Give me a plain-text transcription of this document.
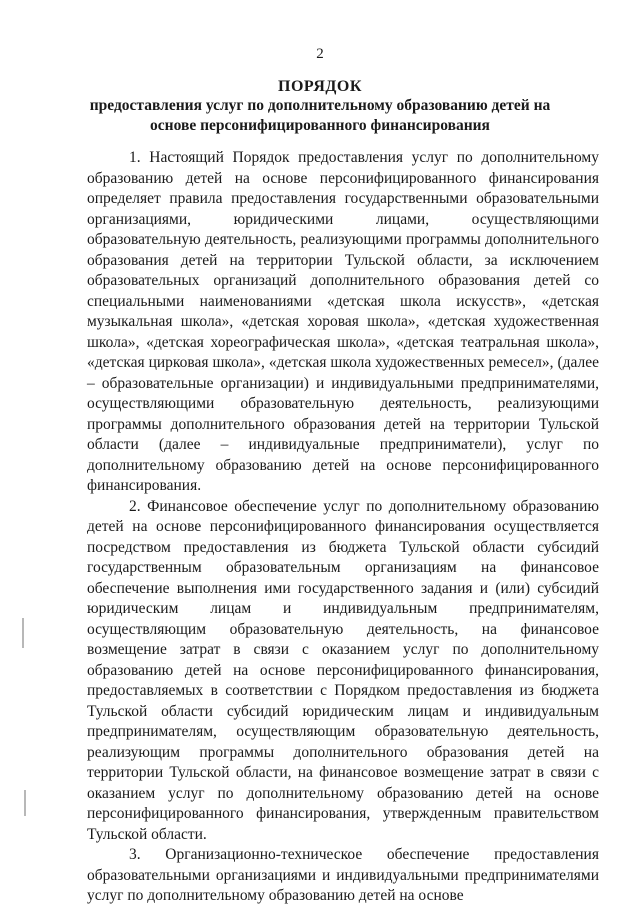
2
ПОРЯДОК
предоставления услуг по дополнительному образованию детей на основе персонифицированного финансирования

1. Настоящий Порядок предоставления услуг по дополнительному образованию детей на основе персонифицированного финансирования определяет правила предоставления государственными образовательными организациями, юридическими лицами, осуществляющими образовательную деятельность, реализующими программы дополнительного образования детей на территории Тульской области, за исключением образовательных организаций дополнительного образования детей со специальными наименованиями «детская школа искусств», «детская музыкальная школа», «детская хоровая школа», «детская художественная школа», «детская хореографическая школа», «детская театральная школа», «детская цирковая школа», «детская школа художественных ремесел», (далее – образовательные организации) и индивидуальными предпринимателями, осуществляющими образовательную деятельность, реализующими программы дополнительного образования детей на территории Тульской области (далее – индивидуальные предприниматели), услуг по дополнительному образованию детей на основе персонифицированного финансирования.

2. Финансовое обеспечение услуг по дополнительному образованию детей на основе персонифицированного финансирования осуществляется посредством предоставления из бюджета Тульской области субсидий государственным образовательным организациям на финансовое обеспечение выполнения ими государственного задания и (или) субсидий юридическим лицам и индивидуальным предпринимателям, осуществляющим образовательную деятельность, на финансовое возмещение затрат в связи с оказанием услуг по дополнительному образованию детей на основе персонифицированного финансирования, предоставляемых в соответствии с Порядком предоставления из бюджета Тульской области субсидий юридическим лицам и индивидуальным предпринимателям, осуществляющим образовательную деятельность, реализующим программы дополнительного образования детей на территории Тульской области, на финансовое возмещение затрат в связи с оказанием услуг по дополнительному образованию детей на основе персонифицированного финансирования, утвержденным правительством Тульской области.

3. Организационно-техническое обеспечение предоставления образовательными организациями и индивидуальными предпринимателями услуг по дополнительному образованию детей на основе
